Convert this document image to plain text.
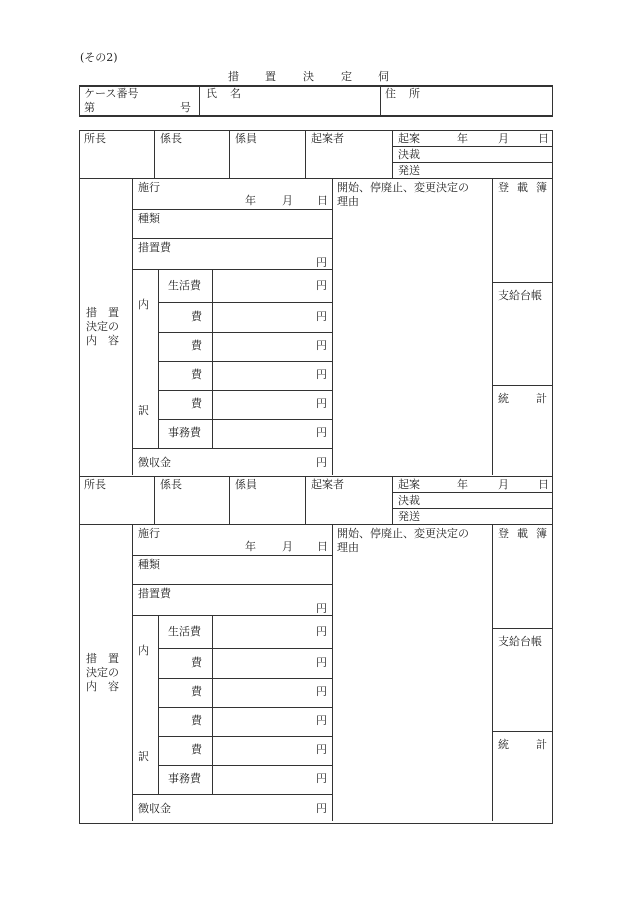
(その2)
措 置 決 定 伺
ケース番号
第	号
氏 名	住 所
所長	係長	係員	起案者	起案	年	月	日
決裁
発送
施行
年 月 日
種類
措置費
円
生活費	円
費	円
費	円
費	円
費	円
事務費	円
内
訳
徴収金	円
措　置
決定の
内　容
開始、停廃止、変更決定の
理由
登 載 簿
支給台帳
統 計
所長	係長	係員	起案者	起案	年	月	日
決裁
発送
施行
年 月 日
種類
措置費
円
生活費	円
費	円
費	円
費	円
費	円
事務費	円
内
訳
徴収金	円
措　置
決定の
内　容
開始、停廃止、変更決定の
理由
登 載 簿
支給台帳
統 計
